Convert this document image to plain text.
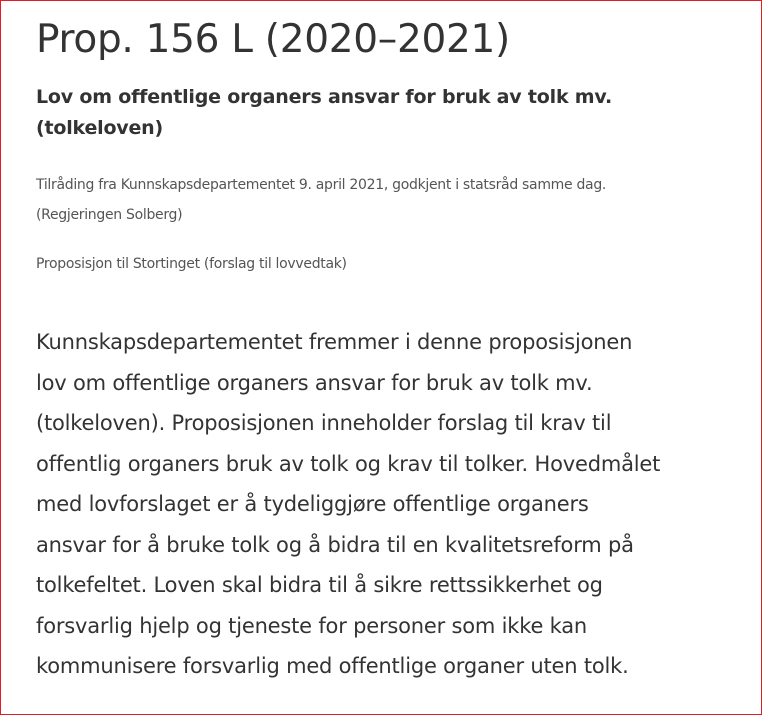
Prop. 156 L (2020–2021)
Lov om offentlige organers ansvar for bruk av tolk mv.
(tolkeloven)

Tilråding fra Kunnskapsdepartementet 9. april 2021, godkjent i statsråd samme dag.
(Regjeringen Solberg)

Proposisjon til Stortinget (forslag til lovvedtak)

Kunnskapsdepartementet fremmer i denne proposisjonen
lov om offentlige organers ansvar for bruk av tolk mv.
(tolkeloven). Proposisjonen inneholder forslag til krav til
offentlig organers bruk av tolk og krav til tolker. Hovedmålet
med lovforslaget er å tydeliggjøre offentlige organers
ansvar for å bruke tolk og å bidra til en kvalitetsreform på
tolkefeltet. Loven skal bidra til å sikre rettssikkerhet og
forsvarlig hjelp og tjeneste for personer som ikke kan
kommunisere forsvarlig med offentlige organer uten tolk.
